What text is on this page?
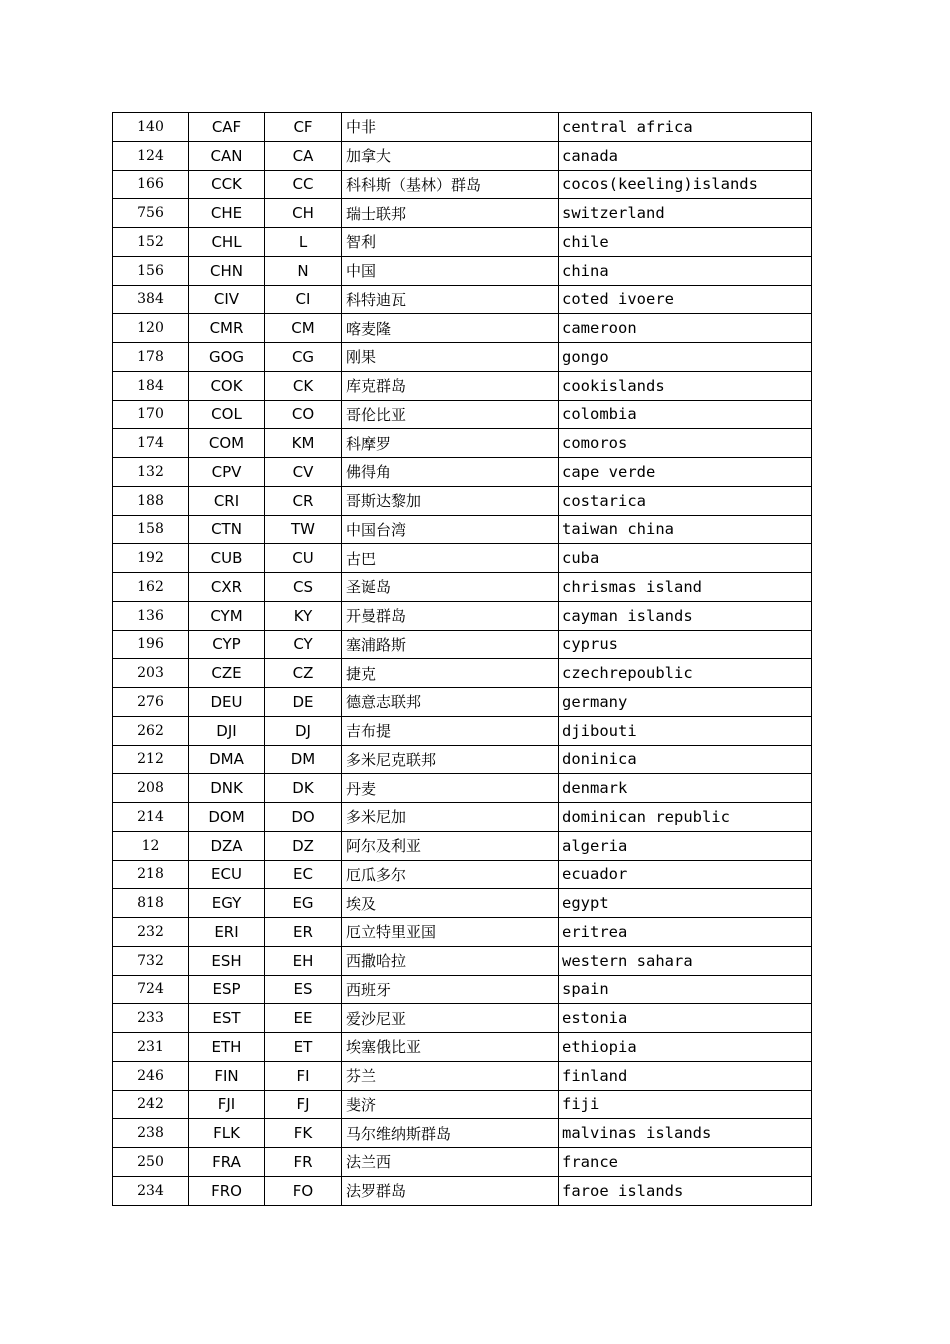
140	CAF	CF	中非	central africa
124	CAN	CA	加拿大	canada
166	CCK	CC	科科斯（基林）群岛	cocos(keeling)islands
756	CHE	CH	瑞士联邦	switzerland
152	CHL	L	智利	chile
156	CHN	N	中国	china
384	CIV	CI	科特迪瓦	coted ivoere
120	CMR	CM	喀麦隆	cameroon
178	GOG	CG	刚果	gongo
184	COK	CK	库克群岛	cookislands
170	COL	CO	哥伦比亚	colombia
174	COM	KM	科摩罗	comoros
132	CPV	CV	佛得角	cape verde
188	CRI	CR	哥斯达黎加	costarica
158	CTN	TW	中国台湾	taiwan china
192	CUB	CU	古巴	cuba
162	CXR	CS	圣诞岛	chrismas island
136	CYM	KY	开曼群岛	cayman islands
196	CYP	CY	塞浦路斯	cyprus
203	CZE	CZ	捷克	czechrepoublic
276	DEU	DE	德意志联邦	germany
262	DJI	DJ	吉布提	djibouti
212	DMA	DM	多米尼克联邦	doninica
208	DNK	DK	丹麦	denmark
214	DOM	DO	多米尼加	dominican republic
12	DZA	DZ	阿尔及利亚	algeria
218	ECU	EC	厄瓜多尔	ecuador
818	EGY	EG	埃及	egypt
232	ERI	ER	厄立特里亚国	eritrea
732	ESH	EH	西撒哈拉	western sahara
724	ESP	ES	西班牙	spain
233	EST	EE	爱沙尼亚	estonia
231	ETH	ET	埃塞俄比亚	ethiopia
246	FIN	FI	芬兰	finland
242	FJI	FJ	斐济	fiji
238	FLK	FK	马尔维纳斯群岛	malvinas islands
250	FRA	FR	法兰西	france
234	FRO	FO	法罗群岛	faroe islands
